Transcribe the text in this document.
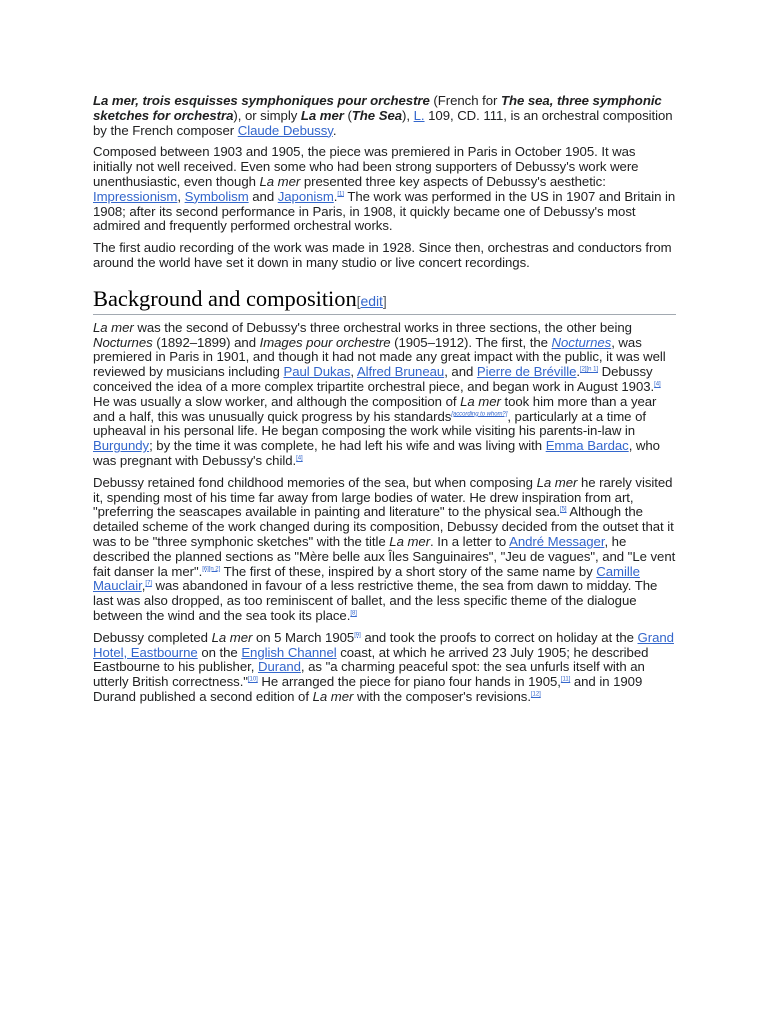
La mer, trois esquisses symphoniques pour orchestre (French for The sea, three symphonic sketches for orchestra), or simply La mer (The Sea), L. 109, CD. 111, is an orchestral composition by the French composer Claude Debussy.

Composed between 1903 and 1905, the piece was premiered in Paris in October 1905. It was initially not well received. Even some who had been strong supporters of Debussy's work were unenthusiastic, even though La mer presented three key aspects of Debussy's aesthetic: Impressionism, Symbolism and Japonism.[1] The work was performed in the US in 1907 and Britain in 1908; after its second performance in Paris, in 1908, it quickly became one of Debussy's most admired and frequently performed orchestral works.

The first audio recording of the work was made in 1928. Since then, orchestras and conductors from around the world have set it down in many studio or live concert recordings.

Background and composition[edit]

La mer was the second of Debussy's three orchestral works in three sections, the other being Nocturnes (1892–1899) and Images pour orchestre (1905–1912). The first, the Nocturnes, was premiered in Paris in 1901, and though it had not made any great impact with the public, it was well reviewed by musicians including Paul Dukas, Alfred Bruneau, and Pierre de Bréville.[2][n 1] Debussy conceived the idea of a more complex tripartite orchestral piece, and began work in August 1903.[4] He was usually a slow worker, and although the composition of La mer took him more than a year and a half, this was unusually quick progress by his standards[according to whom?], particularly at a time of upheaval in his personal life. He began composing the work while visiting his parents-in-law in Burgundy; by the time it was complete, he had left his wife and was living with Emma Bardac, who was pregnant with Debussy's child.[4]

Debussy retained fond childhood memories of the sea, but when composing La mer he rarely visited it, spending most of his time far away from large bodies of water. He drew inspiration from art, "preferring the seascapes available in painting and literature" to the physical sea.[5] Although the detailed scheme of the work changed during its composition, Debussy decided from the outset that it was to be "three symphonic sketches" with the title La mer. In a letter to André Messager, he described the planned sections as "Mère belle aux Îles Sanguinaires", "Jeu de vagues", and "Le vent fait danser la mer".[6][n 2] The first of these, inspired by a short story of the same name by Camille Mauclair,[7] was abandoned in favour of a less restrictive theme, the sea from dawn to midday. The last was also dropped, as too reminiscent of ballet, and the less specific theme of the dialogue between the wind and the sea took its place.[8]

Debussy completed La mer on 5 March 1905[9] and took the proofs to correct on holiday at the Grand Hotel, Eastbourne on the English Channel coast, at which he arrived 23 July 1905; he described Eastbourne to his publisher, Durand, as "a charming peaceful spot: the sea unfurls itself with an utterly British correctness."[10] He arranged the piece for piano four hands in 1905,[11] and in 1909 Durand published a second edition of La mer with the composer's revisions.[12]
